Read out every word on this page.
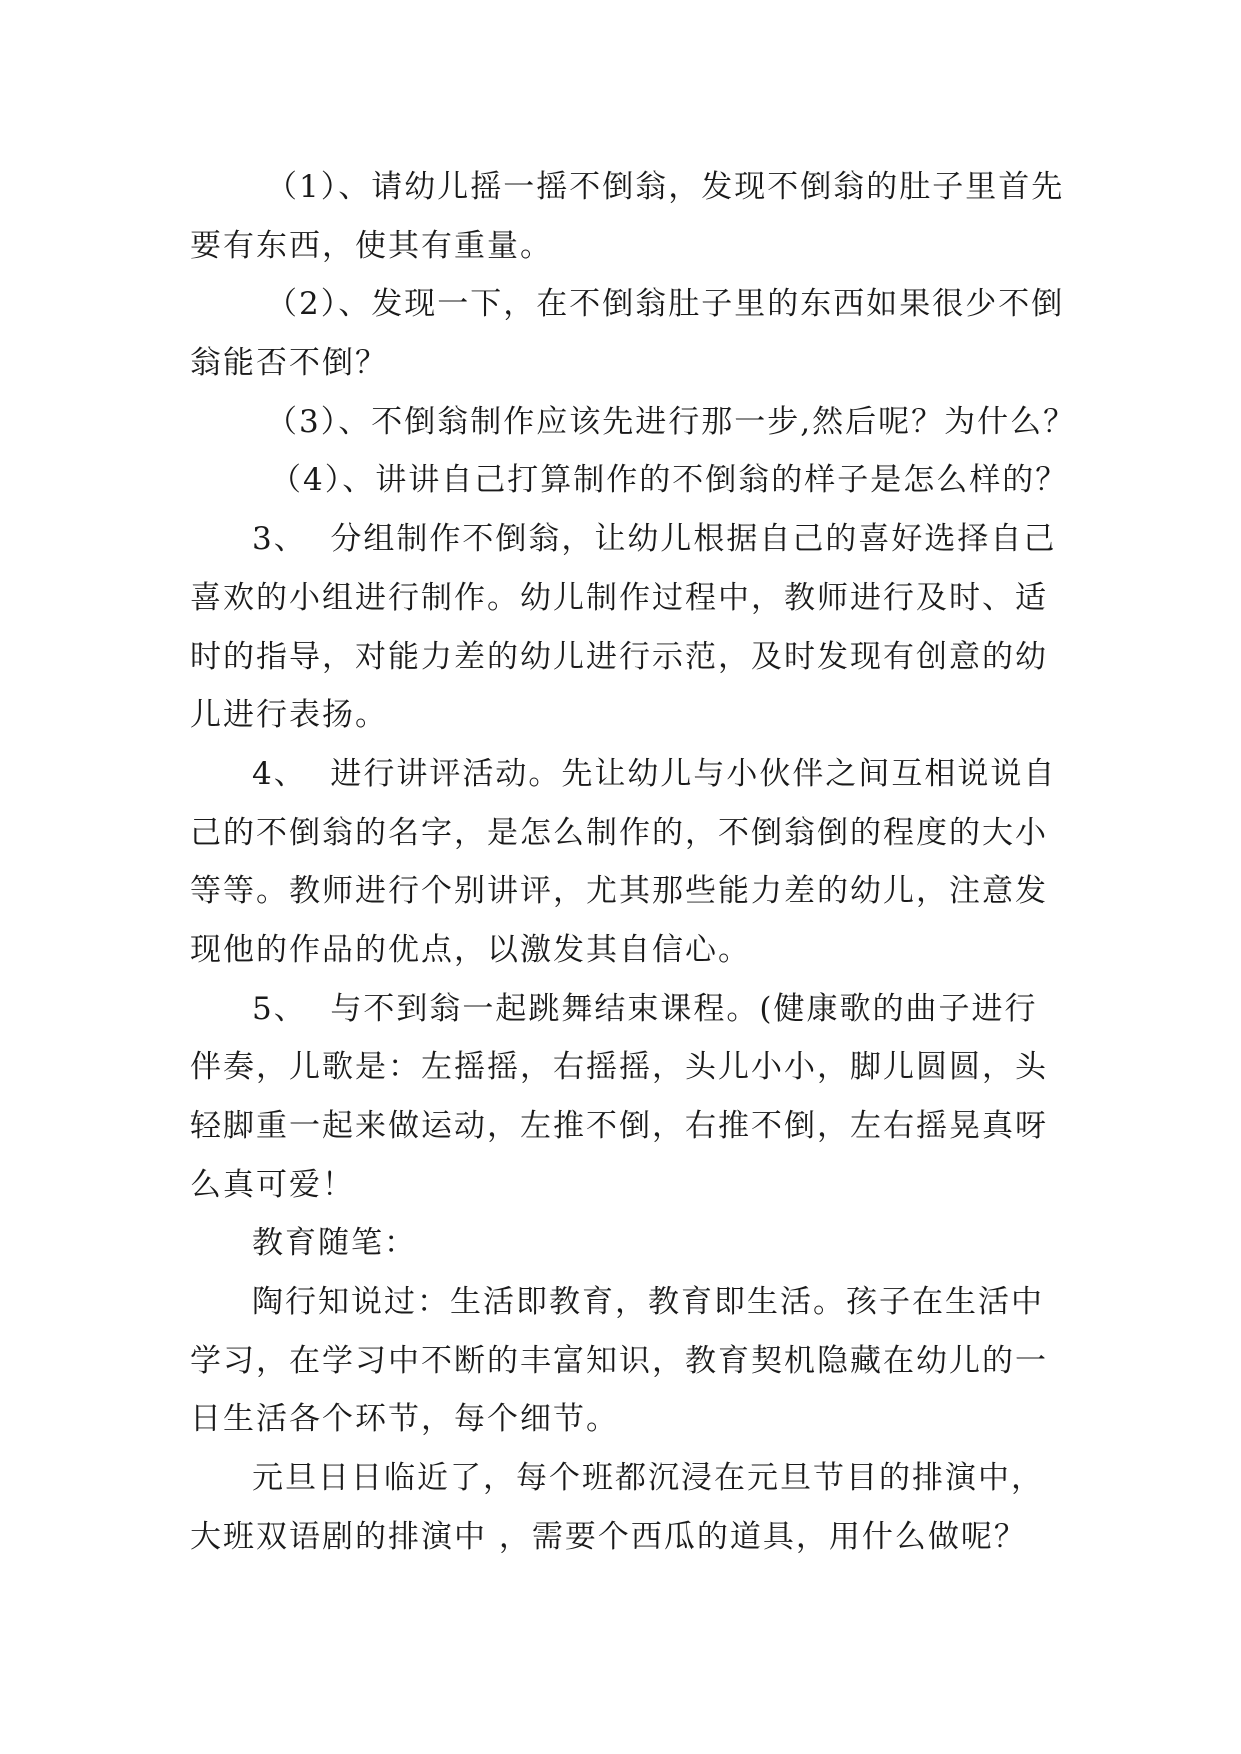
（1）、请幼儿摇一摇不倒翁，发现不倒翁的肚子里首先

要有东西，使其有重量。

（2）、发现一下，在不倒翁肚子里的东西如果很少不倒

翁能否不倒？

（3）、不倒翁制作应该先进行那一步,然后呢？为什么？

（4）、讲讲自己打算制作的不倒翁的样子是怎么样的？

3、  分组制作不倒翁，让幼儿根据自己的喜好选择自己

喜欢的小组进行制作。幼儿制作过程中，教师进行及时、适

时的指导，对能力差的幼儿进行示范，及时发现有创意的幼

儿进行表扬。

4、  进行讲评活动。先让幼儿与小伙伴之间互相说说自

己的不倒翁的名字，是怎么制作的，不倒翁倒的程度的大小

等等。教师进行个别讲评，尤其那些能力差的幼儿，注意发

现他的作品的优点，以激发其自信心。

5、  与不到翁一起跳舞结束课程。(健康歌的曲子进行

伴奏，儿歌是：左摇摇，右摇摇，头儿小小，脚儿圆圆，头

轻脚重一起来做运动，左推不倒，右推不倒，左右摇晃真呀

么真可爱！

教育随笔：

陶行知说过：生活即教育，教育即生活。孩子在生活中

学习，在学习中不断的丰富知识，教育契机隐藏在幼儿的一

日生活各个环节，每个细节。

元旦日日临近了，每个班都沉浸在元旦节目的排演中，

大班双语剧的排演中 ，需要个西瓜的道具，用什么做呢？
